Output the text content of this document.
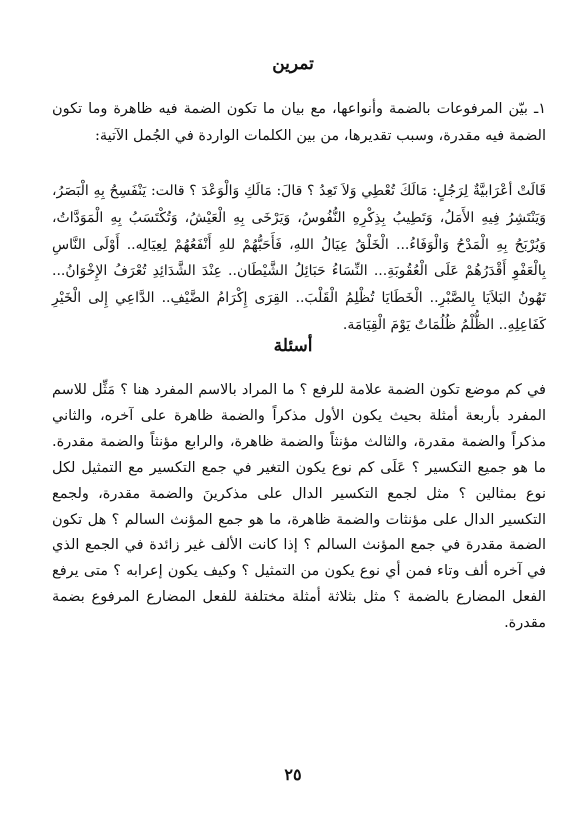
تمرين
١ـ بيّن المرفوعات بالضمة وأنواعها، مع بيان ما تكون الضمة فيه ظاهرة وما تكون الضمة فيه مقدرة، وسبب تقديرها، من بين الكلمات الواردة في الجُمل الآتية:
قَالَتْ أعْرَابيَّةٌ لِرَجُلٍ: مَالَكَ تُعْطِي وَلاَ تَعِدُ ؟ قالَ: مَالَكِ وَالْوَعْدَ ؟ قالت: يَنْفَسِحُ بِهِ الْبَصَرُ، وَيَنْتَشِرُ فِيهِ الأَمَلُ، وَتَطِيبُ بِذِكْرِهِ النُّفُوسُ، وَيَرْخَى بِهِ الْعَيْشُ، وَتُكْتَسَبُ بِهِ الْمَوَدَّاتُ، وَيُرْبَحُ بِهِ الْمَدْحُ وَالْوَفَاءُ... الْخَلْقُ عِيَالُ اللهِ، فَأَحَبُّهُمْ للهِ أَنْفَعُهُمْ لِعِيَالِه.. أَوْلَى النَّاسِ بِالْعَفْوِ أَقْدَرُهُمْ عَلَى الْعُقُوبَةِ... النِّسَاءُ حَبَائِلُ الشَّيْطَان.. عِنْدَ الشَّدَائِدِ تُعْرَفُ الإِخْوَانُ... تَهُونُ البَلاَيَا بِالصَّبْرِ.. الْخَطَايَا تُظْلِمُ الْقَلْبَ.. القِرَى إِكْرَامُ الضَّيْفِ.. الدَّاعِي إِلى الْخَيْرِ كَفَاعِلِهِ.. الظُّلْمُ ظُلُمَاتٌ يَوْمَ الْقِيَامَة.
أسئلة
في كم موضع تكون الضمة علامة للرفع ؟ ما المراد بالاسم المفرد هنا ؟ مَثِّل للاسم المفرد بأربعة أمثلة بحيث يكون الأول مذكراً والضمة ظاهرة على آخره، والثاني مذكراً والضمة مقدرة، والثالث مؤنثاً والضمة ظاهرة، والرابع مؤنثاً والضمة مقدرة. ما هو جميع التكسير ؟ عَلَى كم نوع يكون التغير في جمع التكسير مع التمثيل لكل نوع بمثالين ؟ مثل لجمع التكسير الدال على مذكرينَ والضمة مقدرة، ولجمع التكسير الدال على مؤنثات والضمة ظاهرة، ما هو جمع المؤنث السالم ؟ هل تكون الضمة مقدرة في جمع المؤنث السالم ؟ إذا كانت الألف غير زائدة في الجمع الذي في آخره ألف وتاء فمن أي نوع يكون من التمثيل ؟ وكيف يكون إعرابه ؟ متى يرفع الفعل المضارع بالضمة ؟ مثل بثلاثة أمثلة مختلفة للفعل المضارع المرفوع بضمة مقدرة.
٢٥
